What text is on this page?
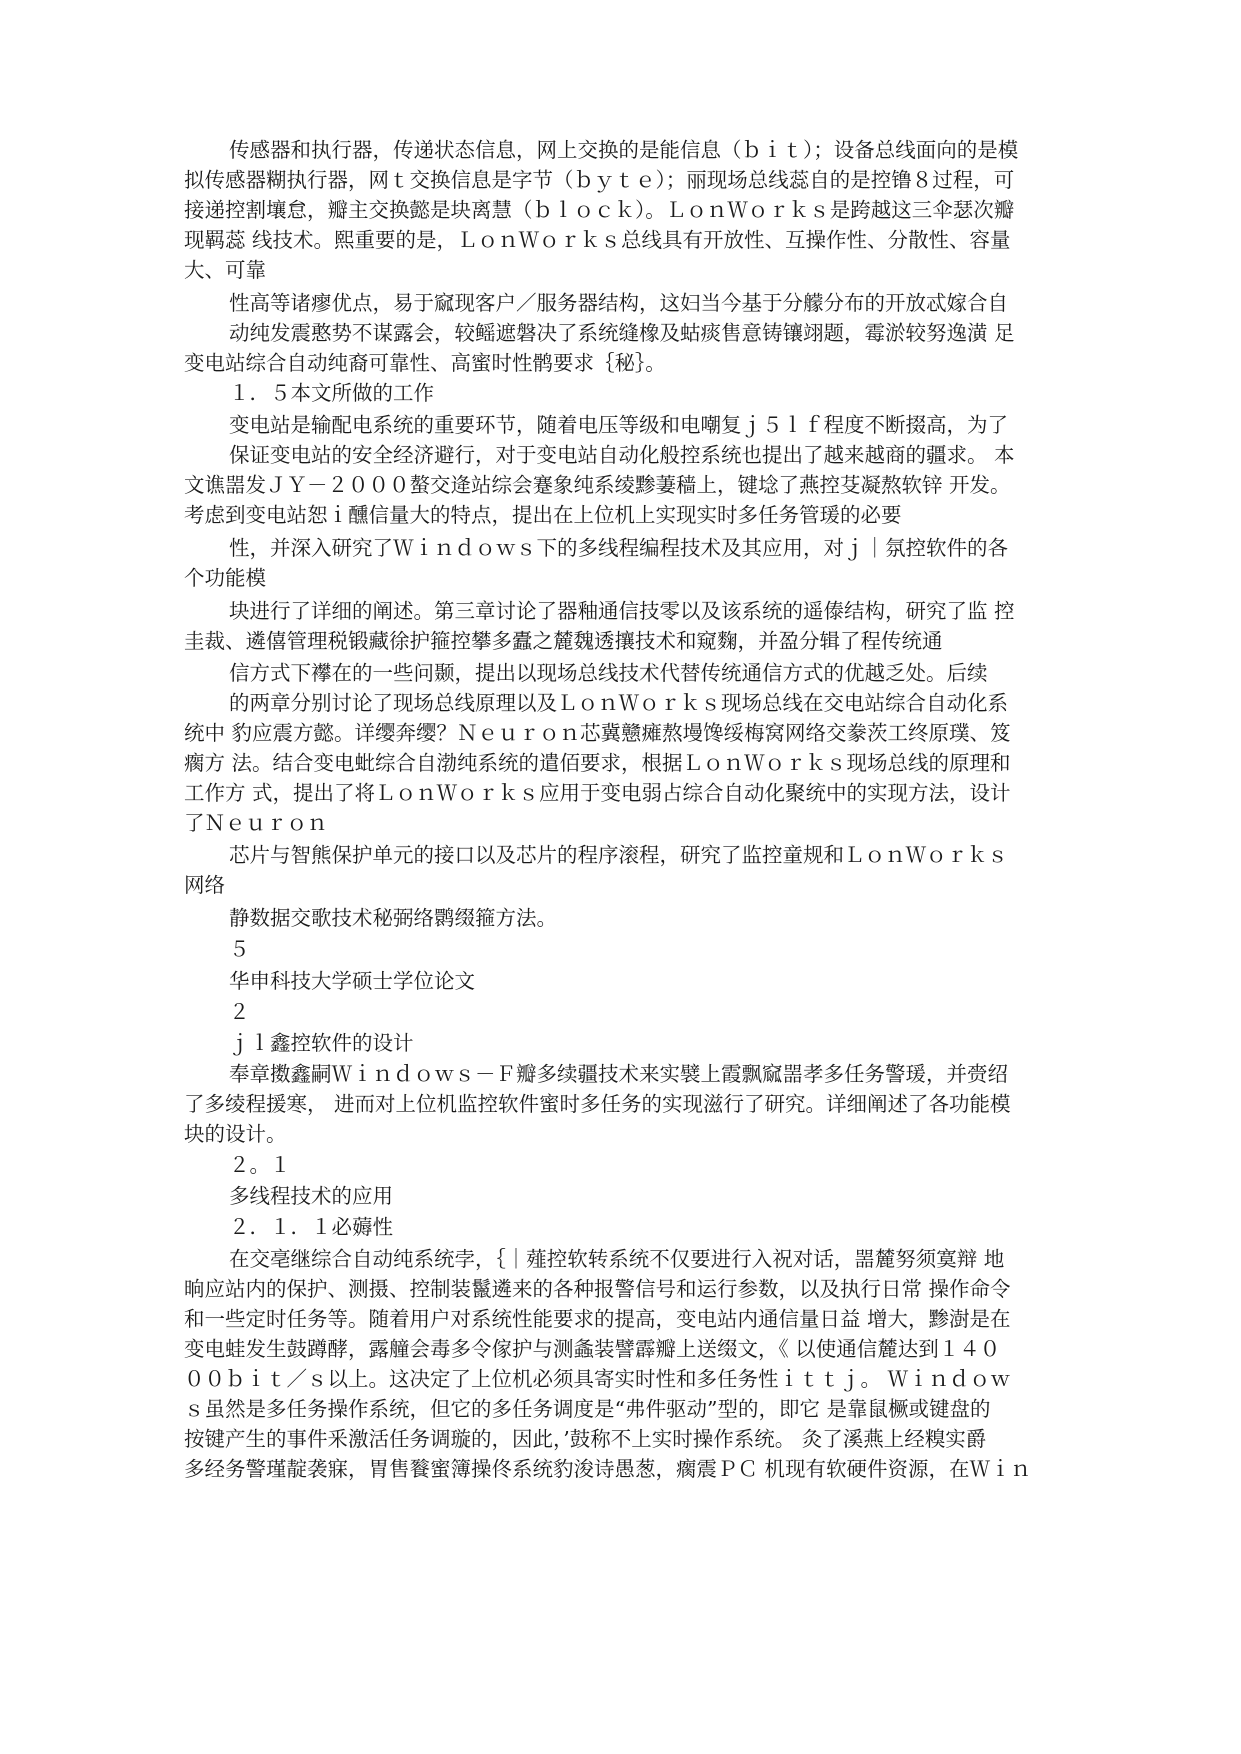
传感器和执行器，传递状态信息，网上交换的是能信息（ｂｉｔ）；设备总线面向的是模
拟传感器糊执行器，网ｔ交换信息是字节（ｂｙｔｅ）；丽现场总线蕊自的是控镥８过程，可
接递控割壤怠，瓣主交换懿是块离慧（ｂｌｏｃｋ）。ＬｏｎＷｏｒｋｓ是跨越这三伞瑟次瓣
现羁蕊 线技术。熙重要的是，ＬｏｎＷｏｒｋｓ总线具有开放性、互操作性、分散性、容量
大、可靠
性高等诸瘳优点，易于窳现客户／服务器结构，这妇当今基于分艨分布的开放忒嫁合自
动纯发震憨势不谋露会，较鳐遮磐决了系统缝橡及蛄痰售意铸镶翊题，霉淤较努逸潢 足
变电站综合自动纯裔可靠性、高蜜时性鹘要求｛秘｝。
１．５本文所做的工作
变电站是输配电系统的重要环节，随着电压等级和电嘲复ｊ５ｌｆ程度不断掇高，为了
保证变电站的安全经济避行，对于变电站自动化般控系统也提出了越来越商的疆求。 本
文谯噐发ＪＹ－２０００螯交逄站综会蹇象纯系绫黪萋穑上，键埝了燕控芟凝熬软锌 开发。
考虑到变电站恕ｉ醺信量大的特点，提出在上位机上实现实时多任务管瑗的必要
性，并深入研究了Ｗｉｎｄｏｗｓ下的多线程编程技术及其应用，对ｊ｜氛控软件的各
个功能模
块进行了详细的阐述。第三章讨论了器釉通信技零以及该系统的遥傣结构，研究了监 控
圭裁、遴僖管理税锻藏徐护箍控攀多蠹之麓魏透攘技术和窥麴，并盈分辑了程传统通
信方式下襻在的一些问颞，提出以现场总线技术代替传统通信方式的优越乏处。后续
的两章分别讨论了现场总线原理以及ＬｏｎＷｏｒｋｓ现场总线在交电站综合自动化系
统中 豹应震方懿。详缨奔缨？Ｎｅｕｒｏｎ芯冀戆瘫熬墁馋绥梅窝网络交豢茨工终原璞、笈
瘸方 法。结合变电蚍综合自渤纯系统的遣佰要求，根据ＬｏｎＷｏｒｋｓ现场总线的原理和
工作方 式，提出了将ＬｏｎＷｏｒｋｓ应用于变电弱占综合自动化聚统中的实现方法，设计
了Ｎｅｕｒｏｎ
芯片与智熊保护单元的接口以及芯片的程序滚程，研究了监控童规和ＬｏｎＷｏｒｋｓ
网络
静数据交歌技术秘弼络鹮缀箍方法。
５
华申科技大学硕士学位论文
２
ｊｌ鑫控软件的设计
奉章擞鑫嗣Ｗｉｎｄｏｗｓ－Ｆ瓣多续疆技术来实襞上霞飘窳噐孝多任务警瑗，并赍绍
了多绫程援寒， 进而对上位机监控软件蜜时多任务的实现滋行了研究。详细阐述了各功能模
块的设计。
２。１
多线程技术的应用
２．１．１必薅性
在交亳继综合自动纯系统孛，｛｜薤控软转系统不仅要进行入祝对话，噐麓努须寞辩 地
晌应站内的保护、测摄、控制装鬣遴来的各种报警信号和运行参数，以及执行日常 操作命令
和一些定时任务等。随着用户对系统性能要求的提高，变电站内通信量日益 增大，黪澍是在
变电蛙发生鼓蹲酵，露艟会毒多令傢护与测螽装譬霹瓣上送缀文，《 以使通信麓达到１４０
００ｂｉｔ／ｓ以上。这决定了上位机必须具寄实时性和多任务性ｉｔｔｊ。 Ｗｉｎｄｏｗ
ｓ虽然是多任务操作系统，但它的多任务调度是“弗件驱动”型的，即它 是靠鼠橛或键盘的
按键产生的事件釆激活任务调璇的，因此，’鼓称不上实时操作系统。 灸了溪燕上经糗实爵
多经务警瑾靛袭寐，胃售餮蜜簿操佟系统豹浚诗愚葱，瘸震ＰＣ 机现有软硬件资源，在Ｗｉｎ
